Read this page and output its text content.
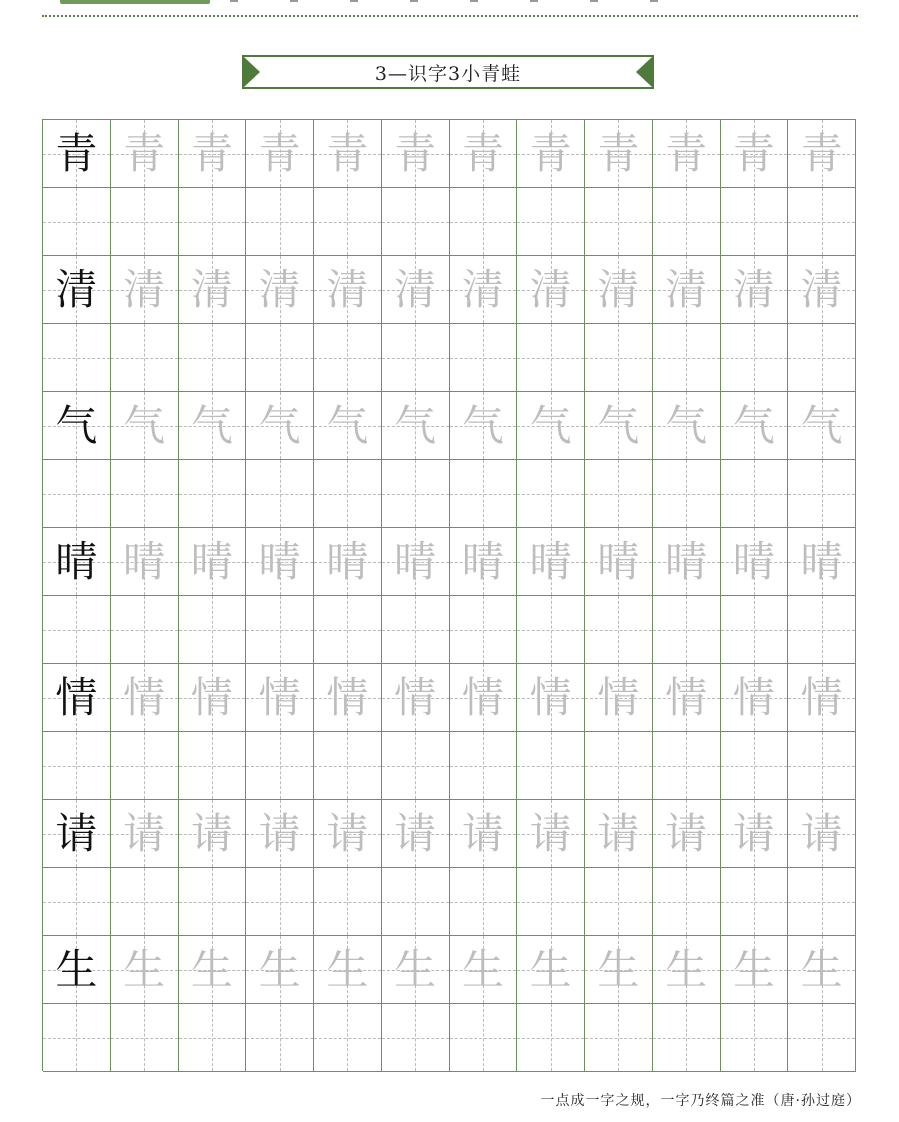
3—识字3小青蛙
青 青 青 青 青 青 青 青 青 青 青 青
清 清 清 清 清 清 清 清 清 清 清 清
气 气 气 气 气 气 气 气 气 气 气 气
晴 晴 晴 晴 晴 晴 晴 晴 晴 晴 晴 晴
情 情 情 情 情 情 情 情 情 情 情 情
请 请 请 请 请 请 请 请 请 请 请 请
生 生 生 生 生 生 生 生 生 生 生 生
一点成一字之规，一字乃终篇之准（唐·孙过庭）
